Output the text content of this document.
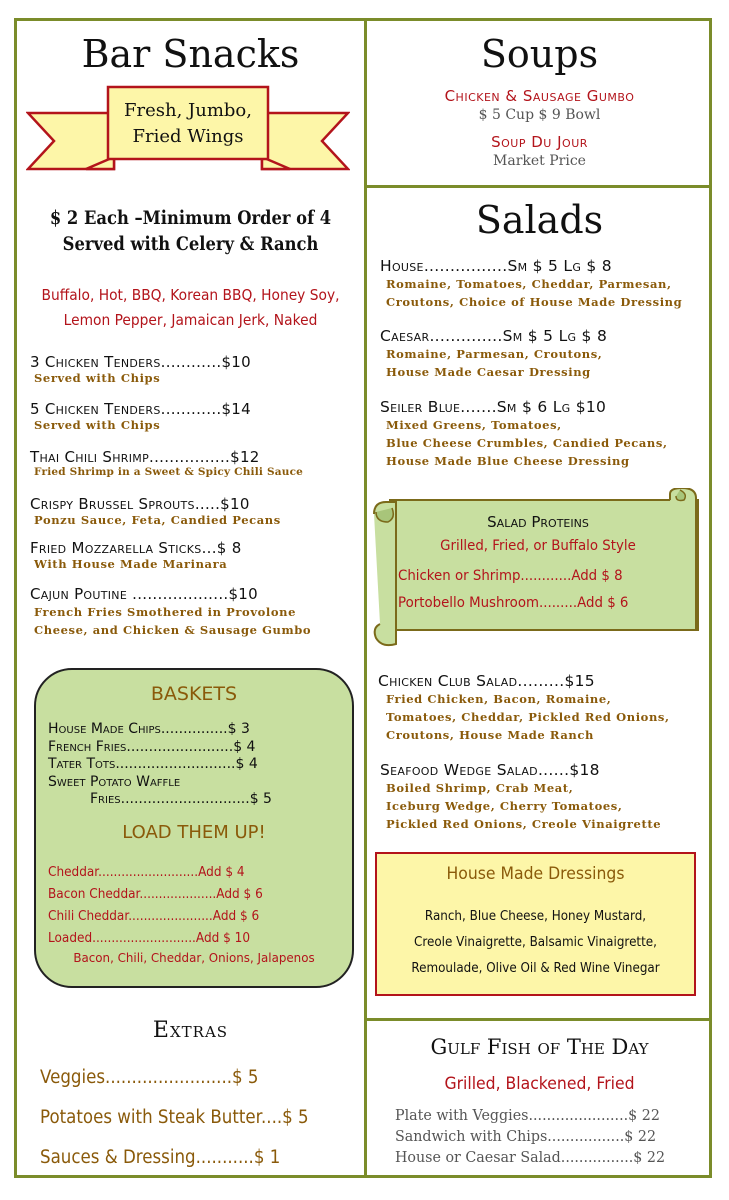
Bar Snacks
Fresh, Jumbo,
Fried Wings
$ 2 Each –Minimum Order of 4
Served with Celery & Ranch
Buffalo, Hot, BBQ, Korean BBQ, Honey Soy,
Lemon Pepper, Jamaican Jerk, Naked
3 Chicken Tenders............$10
Served with Chips
5 Chicken Tenders............$14
Served with Chips
Thai Chili Shrimp................$12
Fried Shrimp in a Sweet & Spicy Chili Sauce
Crispy Brussel Sprouts.....$10
Ponzu Sauce, Feta, Candied Pecans
Fried Mozzarella Sticks...$ 8
With House Made Marinara
Cajun Poutine ...................$10
French Fries Smothered in Provolone
Cheese, and Chicken & Sausage Gumbo
BASKETS
House Made Chips...............$ 3
French Fries........................$ 4
Tater Tots...........................$ 4
Sweet Potato Waffle
Fries.............................$ 5
LOAD THEM UP!
Cheddar..........................Add $ 4
Bacon Cheddar....................Add $ 6
Chili Cheddar......................Add $ 6
Loaded...........................Add $ 10
Bacon, Chili, Cheddar, Onions, Jalapenos
Extras
Veggies........................$ 5
Potatoes with Steak Butter....$ 5
Sauces & Dressing...........$ 1
Soups
Chicken & Sausage Gumbo
$ 5 Cup $ 9 Bowl
Soup Du Jour
Market Price
Salads
House................Sm $ 5 Lg $ 8
Romaine, Tomatoes, Cheddar, Parmesan,
Croutons, Choice of House Made Dressing
Caesar..............Sm $ 5 Lg $ 8
Romaine, Parmesan, Croutons,
House Made Caesar Dressing
Seiler Blue.......Sm $ 6 Lg $10
Mixed Greens, Tomatoes,
Blue Cheese Crumbles, Candied Pecans,
House Made Blue Cheese Dressing
Salad Proteins
Grilled, Fried, or Buffalo Style
Chicken or Shrimp............Add $ 8
Portobello Mushroom.........Add $ 6
Chicken Club Salad.........$15
Fried Chicken, Bacon, Romaine,
Tomatoes, Cheddar, Pickled Red Onions,
Croutons, House Made Ranch
Seafood Wedge Salad......$18
Boiled Shrimp, Crab Meat,
Iceburg Wedge, Cherry Tomatoes,
Pickled Red Onions, Creole Vinaigrette
House Made Dressings
Ranch, Blue Cheese, Honey Mustard,
Creole Vinaigrette, Balsamic Vinaigrette,
Remoulade, Olive Oil & Red Wine Vinegar
Gulf Fish of The Day
Grilled, Blackened, Fried
Plate with Veggies......................$ 22
Sandwich with Chips.................$ 22
House or Caesar Salad................$ 22
